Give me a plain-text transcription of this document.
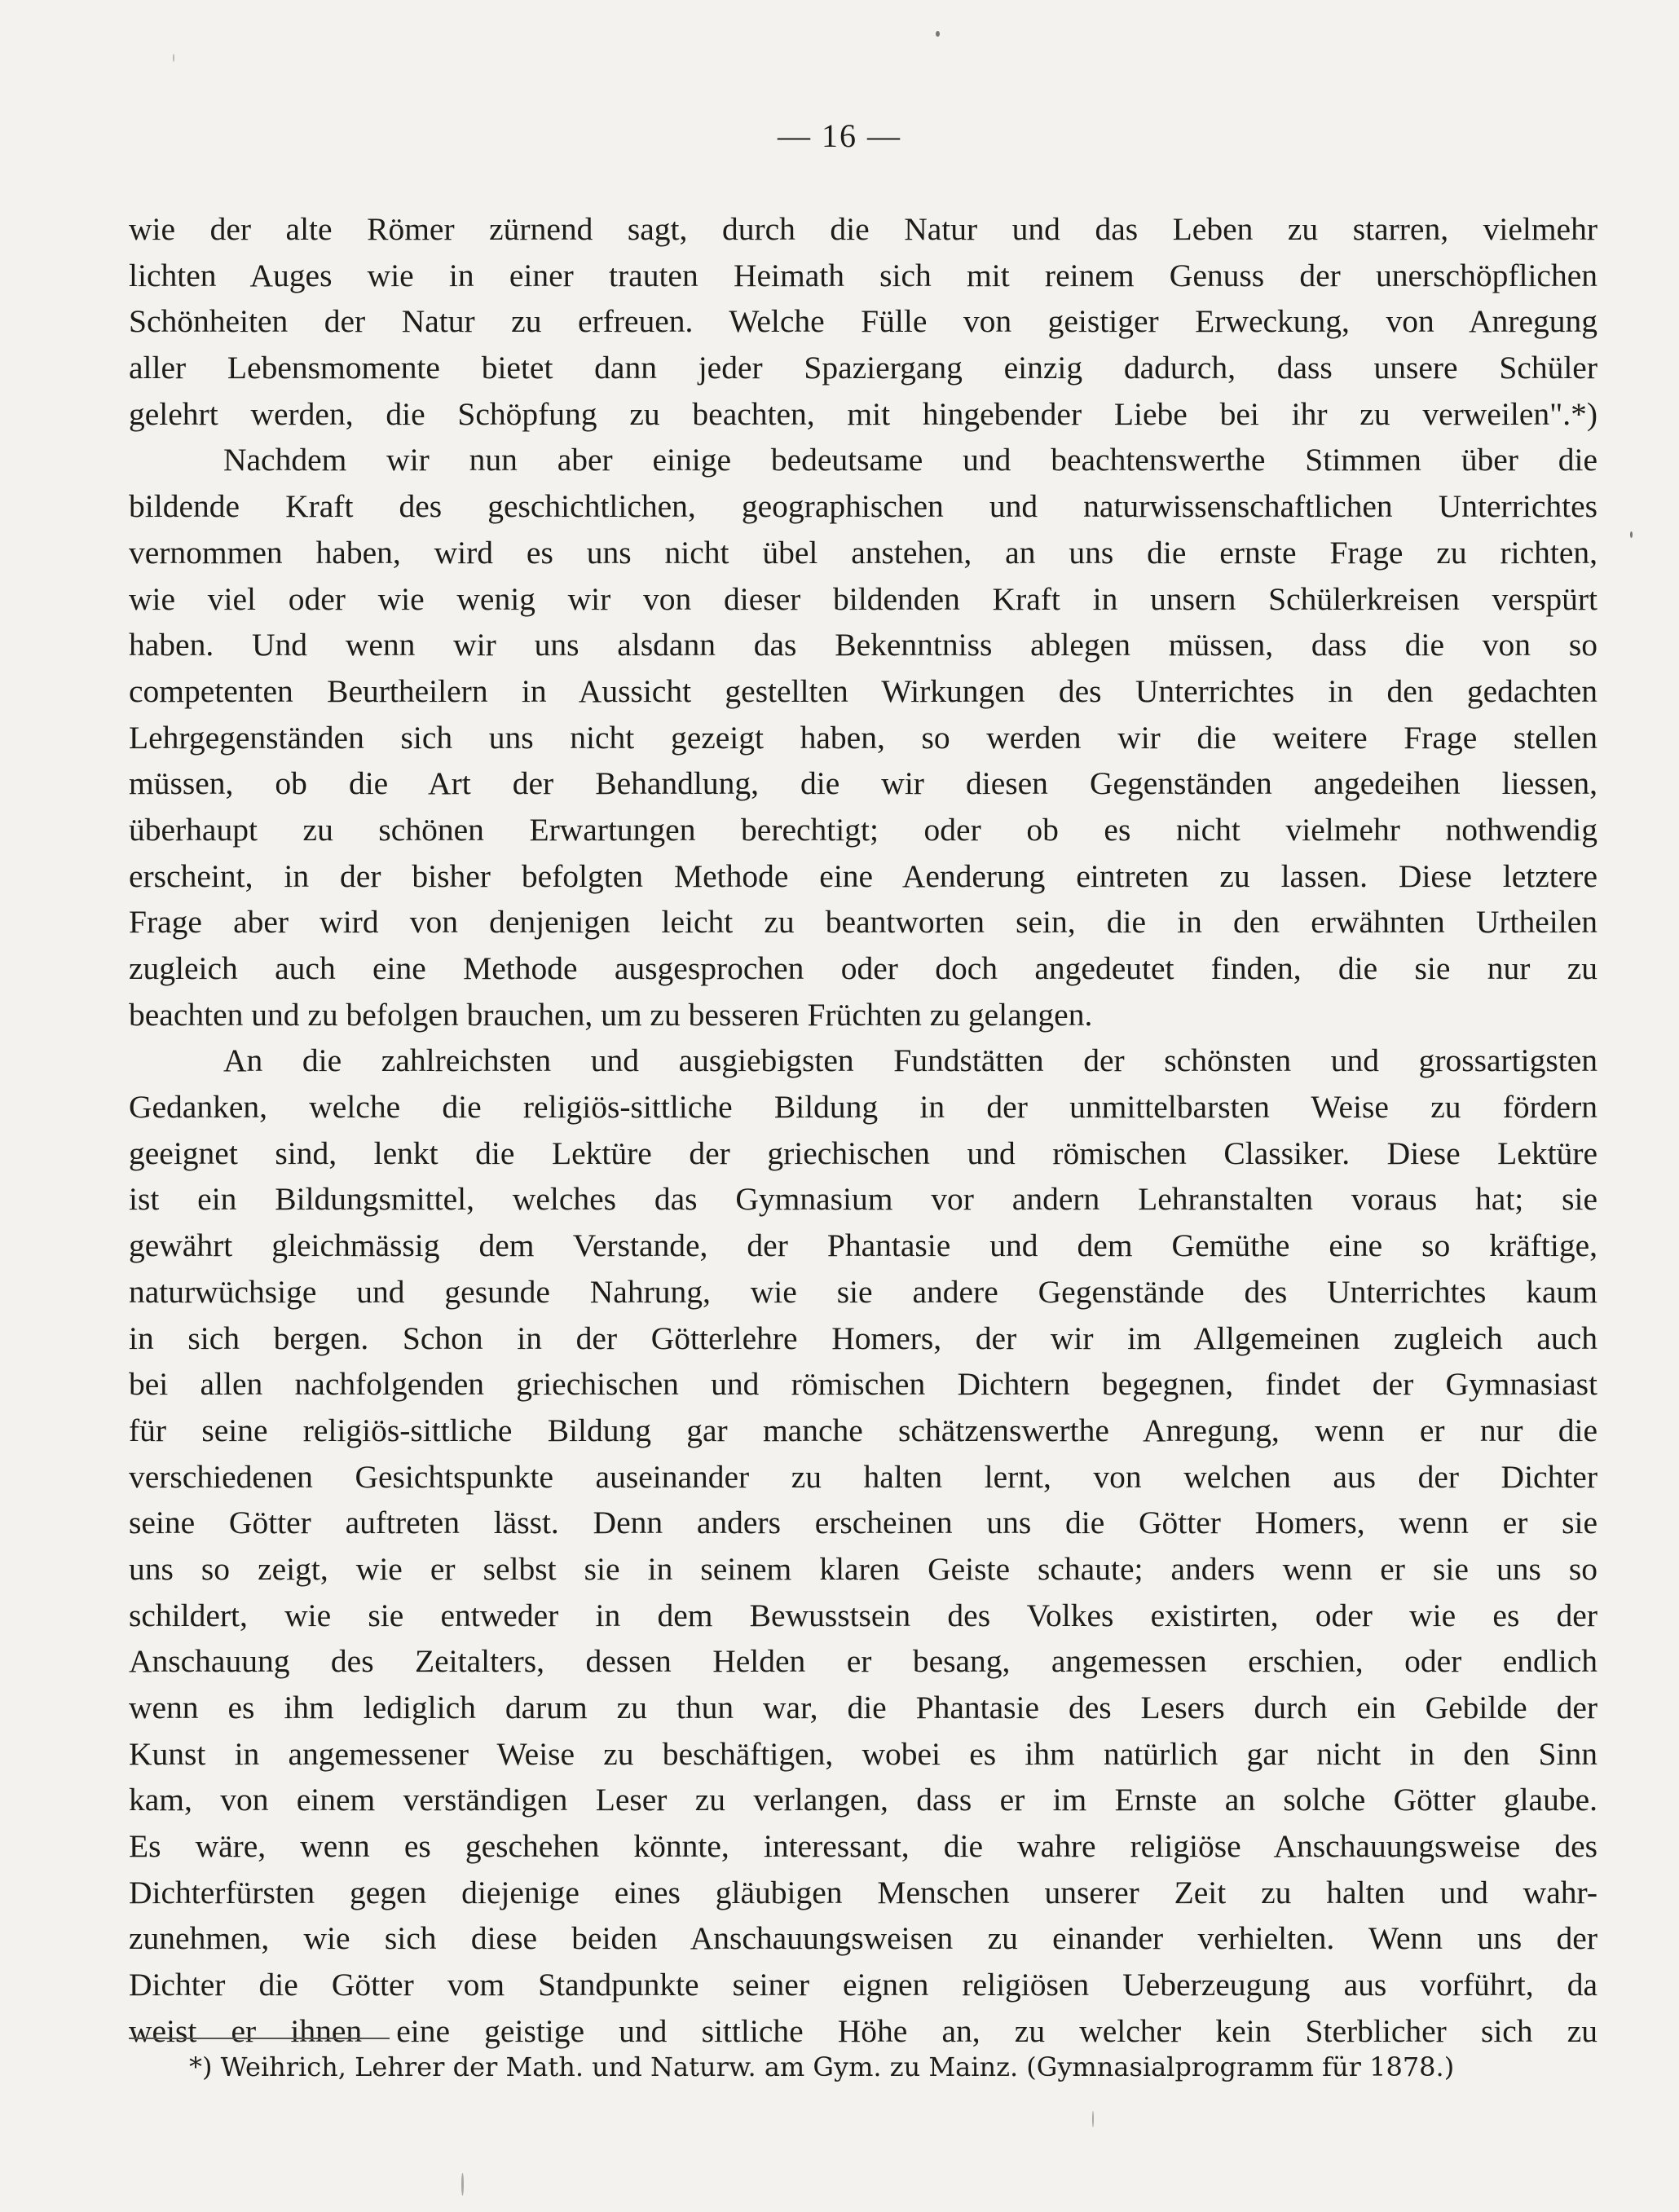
— 16 —
wie der alte Römer zürnend sagt, durch die Natur und das Leben zu starren, vielmehr
lichten Auges wie in einer trauten Heimath sich mit reinem Genuss der unerschöpflichen
Schönheiten der Natur zu erfreuen. Welche Fülle von geistiger Erweckung, von Anregung
aller Lebensmomente bietet dann jeder Spaziergang einzig dadurch, dass unsere Schüler
gelehrt werden, die Schöpfung zu beachten, mit hingebender Liebe bei ihr zu verweilen".*)
Nachdem wir nun aber einige bedeutsame und beachtenswerthe Stimmen über die
bildende Kraft des geschichtlichen, geographischen und naturwissenschaftlichen Unterrichtes
vernommen haben, wird es uns nicht übel anstehen, an uns die ernste Frage zu richten,
wie viel oder wie wenig wir von dieser bildenden Kraft in unsern Schülerkreisen verspürt
haben. Und wenn wir uns alsdann das Bekenntniss ablegen müssen, dass die von so
competenten Beurtheilern in Aussicht gestellten Wirkungen des Unterrichtes in den gedachten
Lehrgegenständen sich uns nicht gezeigt haben, so werden wir die weitere Frage stellen
müssen, ob die Art der Behandlung, die wir diesen Gegenständen angedeihen liessen,
überhaupt zu schönen Erwartungen berechtigt; oder ob es nicht vielmehr nothwendig
erscheint, in der bisher befolgten Methode eine Aenderung eintreten zu lassen. Diese letztere
Frage aber wird von denjenigen leicht zu beantworten sein, die in den erwähnten Urtheilen
zugleich auch eine Methode ausgesprochen oder doch angedeutet finden, die sie nur zu
beachten und zu befolgen brauchen, um zu besseren Früchten zu gelangen.
An die zahlreichsten und ausgiebigsten Fundstätten der schönsten und grossartigsten
Gedanken, welche die religiös-sittliche Bildung in der unmittelbarsten Weise zu fördern
geeignet sind, lenkt die Lektüre der griechischen und römischen Classiker. Diese Lektüre
ist ein Bildungsmittel, welches das Gymnasium vor andern Lehranstalten voraus hat; sie
gewährt gleichmässig dem Verstande, der Phantasie und dem Gemüthe eine so kräftige,
naturwüchsige und gesunde Nahrung, wie sie andere Gegenstände des Unterrichtes kaum
in sich bergen. Schon in der Götterlehre Homers, der wir im Allgemeinen zugleich auch
bei allen nachfolgenden griechischen und römischen Dichtern begegnen, findet der Gymnasiast
für seine religiös-sittliche Bildung gar manche schätzenswerthe Anregung, wenn er nur die
verschiedenen Gesichtspunkte auseinander zu halten lernt, von welchen aus der Dichter
seine Götter auftreten lässt. Denn anders erscheinen uns die Götter Homers, wenn er sie
uns so zeigt, wie er selbst sie in seinem klaren Geiste schaute; anders wenn er sie uns so
schildert, wie sie entweder in dem Bewusstsein des Volkes existirten, oder wie es der
Anschauung des Zeitalters, dessen Helden er besang, angemessen erschien, oder endlich
wenn es ihm lediglich darum zu thun war, die Phantasie des Lesers durch ein Gebilde der
Kunst in angemessener Weise zu beschäftigen, wobei es ihm natürlich gar nicht in den Sinn
kam, von einem verständigen Leser zu verlangen, dass er im Ernste an solche Götter glaube.
Es wäre, wenn es geschehen könnte, interessant, die wahre religiöse Anschauungsweise des
Dichterfürsten gegen diejenige eines gläubigen Menschen unserer Zeit zu halten und wahr-
zunehmen, wie sich diese beiden Anschauungsweisen zu einander verhielten. Wenn uns der
Dichter die Götter vom Standpunkte seiner eignen religiösen Ueberzeugung aus vorführt, da
weist er ihnen eine geistige und sittliche Höhe an, zu welcher kein Sterblicher sich zu
*) Weihrich, Lehrer der Math. und Naturw. am Gym. zu Mainz. (Gymnasialprogramm für 1878.)
